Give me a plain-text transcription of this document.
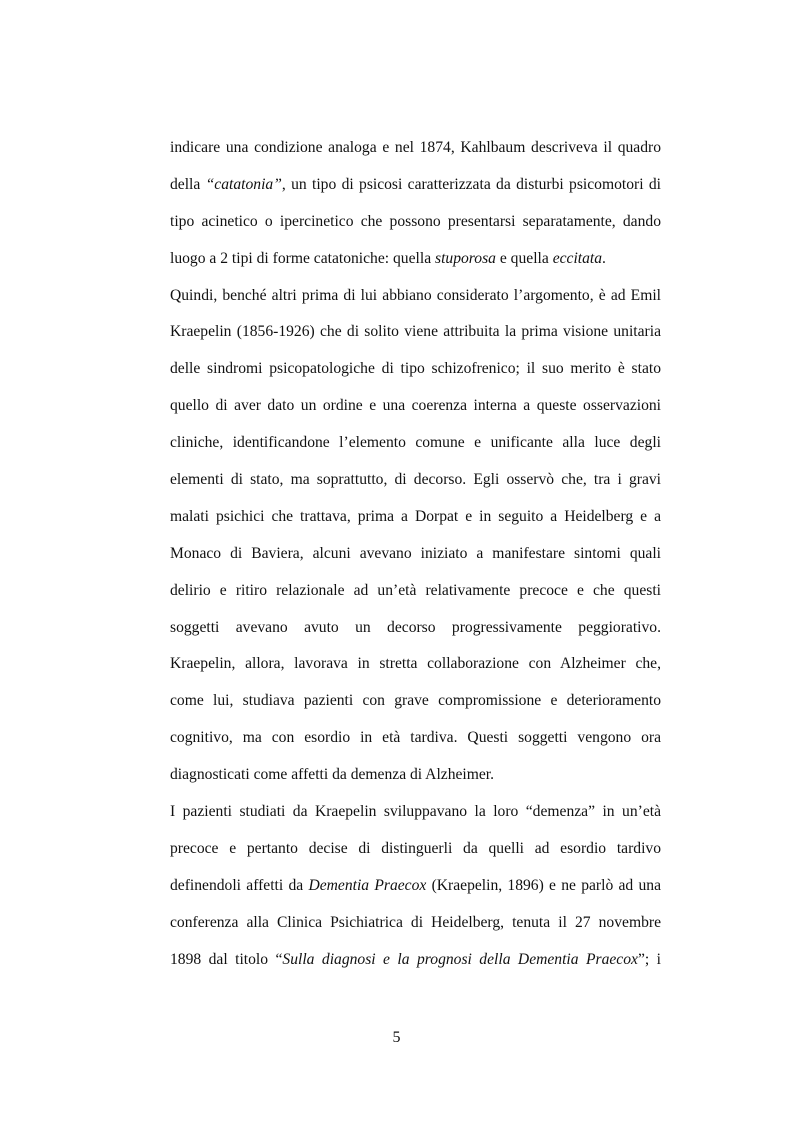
indicare una condizione analoga e nel 1874, Kahlbaum descriveva il quadro
della “catatonia”, un tipo di psicosi caratterizzata da disturbi psicomotori di
tipo acinetico o ipercinetico che possono presentarsi separatamente, dando
luogo a 2 tipi di forme catatoniche: quella stuporosa e quella eccitata.
Quindi, benché altri prima di lui abbiano considerato l’argomento, è ad Emil
Kraepelin (1856-1926) che di solito viene attribuita la prima visione unitaria
delle sindromi psicopatologiche di tipo schizofrenico; il suo merito è stato
quello di aver dato un ordine e una coerenza interna a queste osservazioni
cliniche, identificandone l’elemento comune e unificante alla luce degli
elementi di stato, ma soprattutto, di decorso. Egli osservò che, tra i gravi
malati psichici che trattava, prima a Dorpat e in seguito a Heidelberg e a
Monaco di Baviera, alcuni avevano iniziato a manifestare sintomi quali
delirio e ritiro relazionale ad un’età relativamente precoce e che questi
soggetti avevano avuto un decorso progressivamente peggiorativo.
Kraepelin, allora, lavorava in stretta collaborazione con Alzheimer che,
come lui, studiava pazienti con grave compromissione e deterioramento
cognitivo, ma con esordio in età tardiva. Questi soggetti vengono ora
diagnosticati come affetti da demenza di Alzheimer.
I pazienti studiati da Kraepelin sviluppavano la loro “demenza” in un’età
precoce e pertanto decise di distinguerli da quelli ad esordio tardivo
definendoli affetti da Dementia Praecox (Kraepelin, 1896) e ne parlò ad una
conferenza alla Clinica Psichiatrica di Heidelberg, tenuta il 27 novembre
1898 dal titolo “Sulla diagnosi e la prognosi della Dementia Praecox”; i
5
